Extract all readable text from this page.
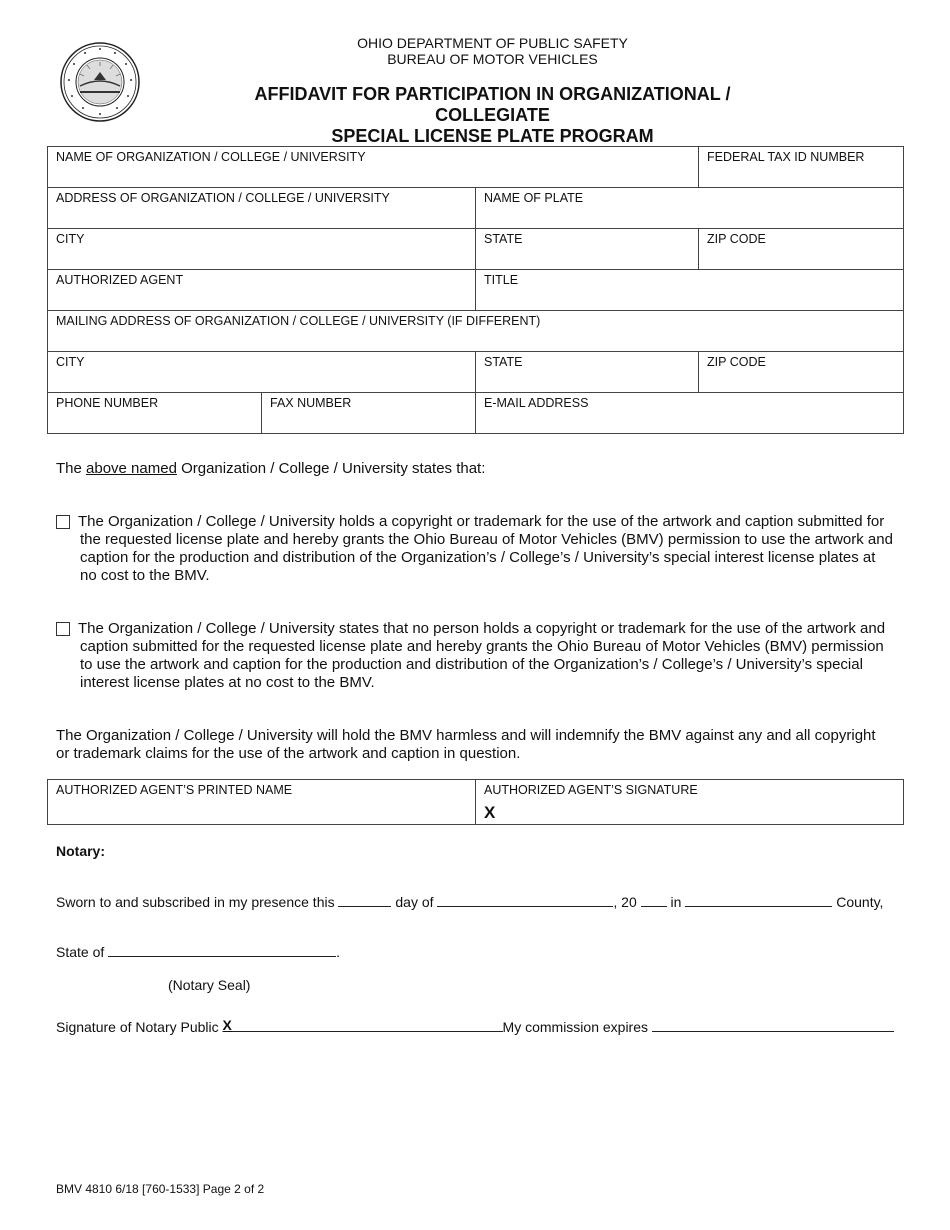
OHIO DEPARTMENT OF PUBLIC SAFETY
BUREAU OF MOTOR VEHICLES
AFFIDAVIT FOR PARTICIPATION IN ORGANIZATIONAL / COLLEGIATE
SPECIAL LICENSE PLATE PROGRAM
NAME OF ORGANIZATION / COLLEGE / UNIVERSITY			FEDERAL TAX ID NUMBER
ADDRESS OF ORGANIZATION / COLLEGE / UNIVERSITY		NAME OF PLATE	
CITY		STATE	ZIP CODE
AUTHORIZED AGENT		TITLE	
MAILING ADDRESS OF ORGANIZATION / COLLEGE / UNIVERSITY (IF DIFFERENT)			
CITY		STATE	ZIP CODE
PHONE NUMBER	FAX NUMBER	E-MAIL ADDRESS	
The above named Organization / College / University states that:
The Organization / College / University holds a copyright or trademark for the use of the artwork and caption submitted for the requested license plate and hereby grants the Ohio Bureau of Motor Vehicles (BMV) permission to use the artwork and caption for the production and distribution of the Organization’s / College’s / University’s special interest license plates at no cost to the BMV.
The Organization / College / University states that no person holds a copyright or trademark for the use of the artwork and caption submitted for the requested license plate and hereby grants the Ohio Bureau of Motor Vehicles (BMV) permission to use the artwork and caption for the production and distribution of the Organization’s / College’s / University’s special interest license plates at no cost to the BMV.
The Organization / College / University will hold the BMV harmless and will indemnify the BMV against any and all copyright or trademark claims for the use of the artwork and caption in question.
AUTHORIZED AGENT’S PRINTED NAME	AUTHORIZED AGENT’S SIGNATURE
X
Notary:
Sworn to and subscribed in my presence this	day of	, 20 in	County,
State of	.
(Notary Seal)
Signature of Notary Public X	My commission expires
BMV 4810 6/18 [760-1533] Page 2 of 2
